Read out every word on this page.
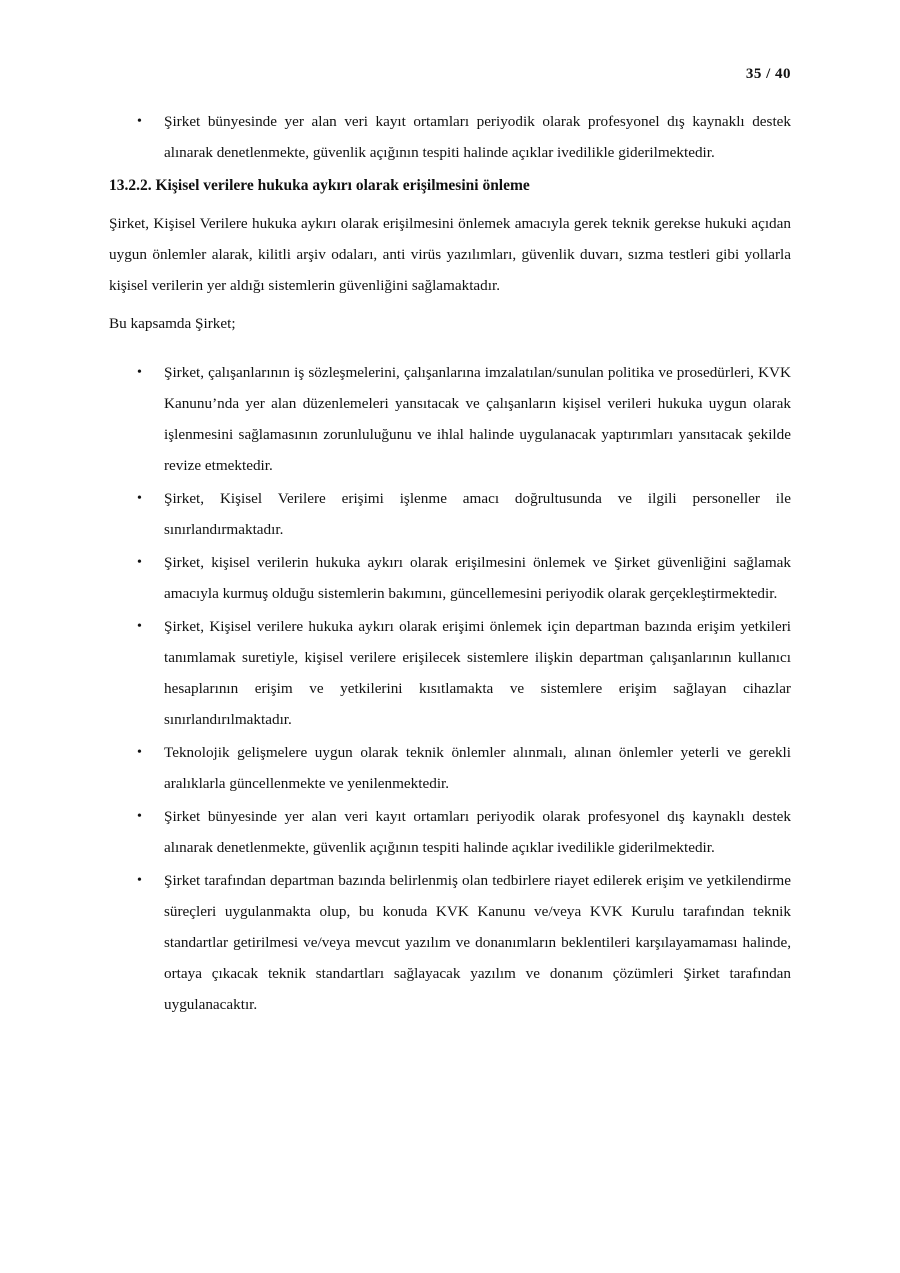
35 / 40
• Şirket bünyesinde yer alan veri kayıt ortamları periyodik olarak profesyonel dış kaynaklı destek alınarak denetlenmekte, güvenlik açığının tespiti halinde açıklar ivedilikle giderilmektedir.
13.2.2. Kişisel verilere hukuka aykırı olarak erişilmesini önleme

Şirket, Kişisel Verilere hukuka aykırı olarak erişilmesini önlemek amacıyla gerek teknik gerekse hukuki açıdan uygun önlemler alarak, kilitli arşiv odaları, anti virüs yazılımları, güvenlik duvarı, sızma testleri gibi yollarla kişisel verilerin yer aldığı sistemlerin güvenliğini sağlamaktadır.

Bu kapsamda Şirket;

• Şirket, çalışanlarının iş sözleşmelerini, çalışanlarına imzalatılan/sunulan politika ve prosedürleri, KVK Kanunu’nda yer alan düzenlemeleri yansıtacak ve çalışanların kişisel verileri hukuka uygun olarak işlenmesini sağlamasının zorunluluğunu ve ihlal halinde uygulanacak yaptırımları yansıtacak şekilde revize etmektedir.
• Şirket, Kişisel Verilere erişimi işlenme amacı doğrultusunda ve ilgili personeller ile sınırlandırmaktadır.
• Şirket, kişisel verilerin hukuka aykırı olarak erişilmesini önlemek ve Şirket güvenliğini sağlamak amacıyla kurmuş olduğu sistemlerin bakımını, güncellemesini periyodik olarak gerçekleştirmektedir.
• Şirket, Kişisel verilere hukuka aykırı olarak erişimi önlemek için departman bazında erişim yetkileri tanımlamak suretiyle, kişisel verilere erişilecek sistemlere ilişkin departman çalışanlarının kullanıcı hesaplarının erişim ve yetkilerini kısıtlamakta ve sistemlere erişim sağlayan cihazlar sınırlandırılmaktadır.
• Teknolojik gelişmelere uygun olarak teknik önlemler alınmalı, alınan önlemler yeterli ve gerekli aralıklarla güncellenmekte ve yenilenmektedir.
• Şirket bünyesinde yer alan veri kayıt ortamları periyodik olarak profesyonel dış kaynaklı destek alınarak denetlenmekte, güvenlik açığının tespiti halinde açıklar ivedilikle giderilmektedir.
• Şirket tarafından departman bazında belirlenmiş olan tedbirlere riayet edilerek erişim ve yetkilendirme süreçleri uygulanmakta olup, bu konuda KVK Kanunu ve/veya KVK Kurulu tarafından teknik standartlar getirilmesi ve/veya mevcut yazılım ve donanımların beklentileri karşılayamaması halinde, ortaya çıkacak teknik standartları sağlayacak yazılım ve donanım çözümleri Şirket tarafından uygulanacaktır.
